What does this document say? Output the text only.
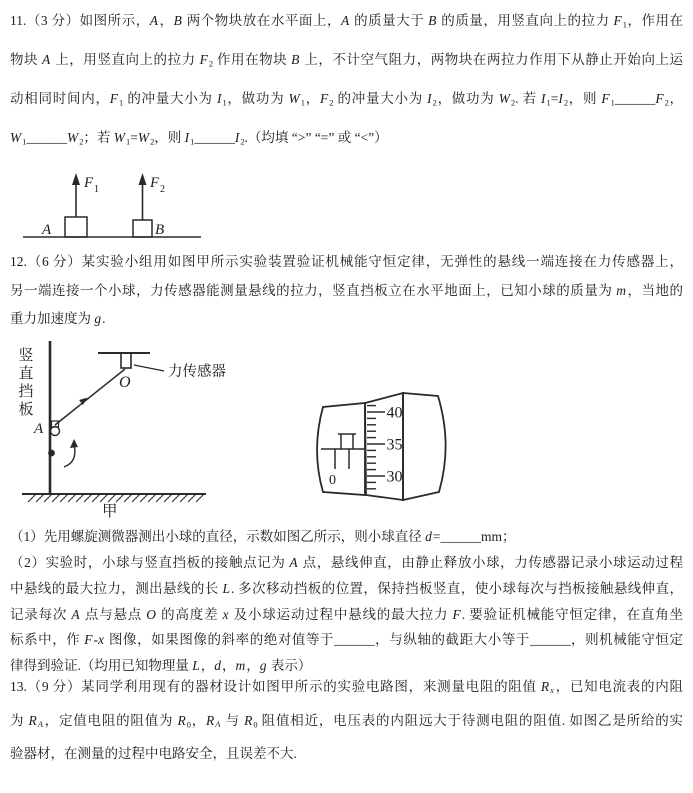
11.（3 分）如图所示，A，B 两个物块放在水平面上，A 的质量大于 B 的质量，用竖直向上的拉力 $F_1$，作用在
物块 A 上，用竖直向上的拉力 $F_2$ 作用在物块 B 上，不计空气阻力，两物块在两拉力作用下从静止开始向上运
动相同时间内，$F_1$ 的冲量大小为 $I_1$，做功为 $W_1$，$F_2$ 的冲量大小为 $I_2$，做功为 $W_2$. 若 $I_1=I_2$，则 $F_1\_\_\_\_\_\_F_2$，
$W_1\_\_\_\_\_\_W_2$；若 $W_1=W_2$，则 $I_1\_\_\_\_\_\_I_2$.（均填 “>” “=” 或 “<”）
A	B
F 1	F 2
12.（6 分）某实验小组用如图甲所示实验装置验证机械能守恒定律，无弹性的悬线一端连接在力传感器上，
另一端连接一个小球，力传感器能测量悬线的拉力，竖直挡板立在水平地面上，已知小球的质量为 m，当地的
重力加速度为 g.
竖
直
挡
板
O
力传感器
A
甲
0
40
35
30
（1）先用螺旋测微器测出小球的直径，示数如图乙所示，则小球直径 d=______mm；
（2）实验时，小球与竖直挡板的接触点记为 A 点，悬线伸直，由静止释放小球，力传感器记录小球运动过程
中悬线的最大拉力，测出悬线的长 L. 多次移动挡板的位置，保持挡板竖直，使小球每次与挡板接触悬线伸直，
记录每次 A 点与悬点 O 的高度差 x 及小球运动过程中悬线的最大拉力 F. 要验证机械能守恒定律，在直角坐
标系中，作 F-x 图像，如果图像的斜率的绝对值等于______，与纵轴的截距大小等于______，则机械能守恒定
律得到验证.（均用已知物理量 L，d，m，g 表示）
13.（9 分）某同学利用现有的器材设计如图甲所示的实验电路图，来测量电阻的阻值 $R_x$，已知电流表的内阻
为 $R_A$，定值电阻的阻值为 $R_0$，$R_A$ 与 $R_0$ 阻值相近，电压表的内阻远大于待测电阻的阻值. 如图乙是所给的实
验器材，在测量的过程中电路安全，且误差不大.
